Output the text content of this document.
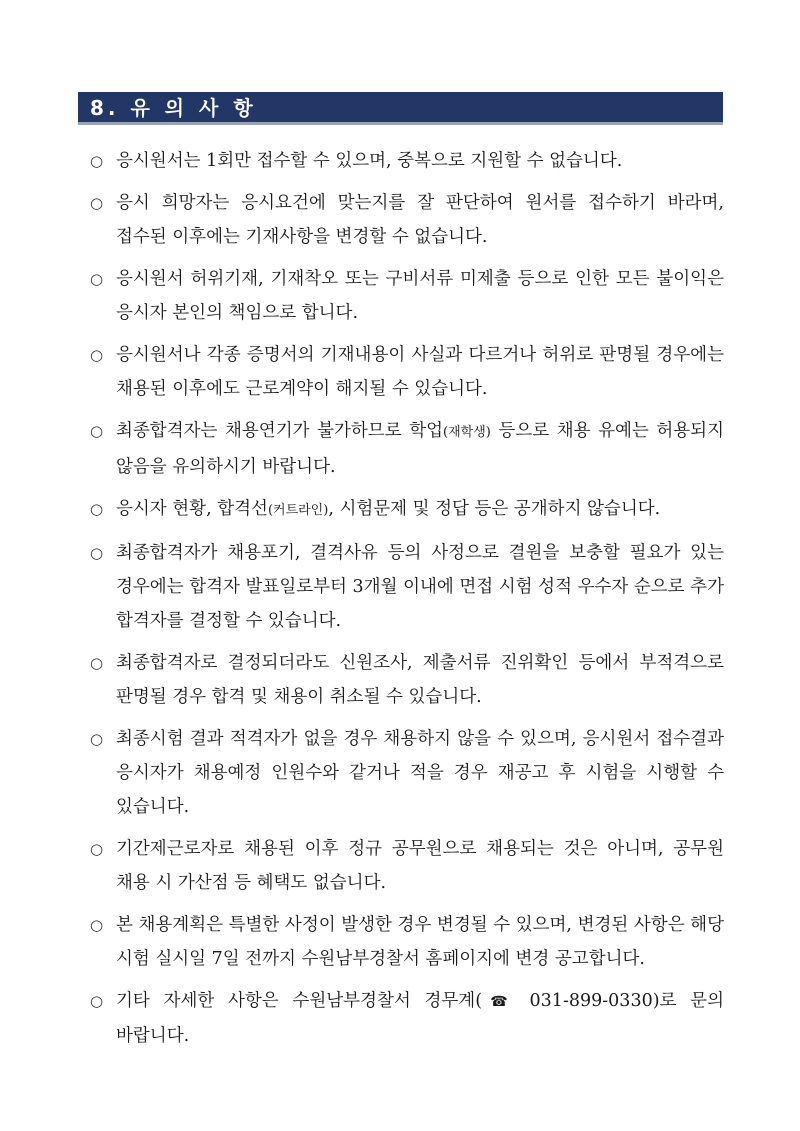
8. 유 의 사 항
○ 응시원서는 1회만 접수할 수 있으며, 중복으로 지원할 수 없습니다.
○ 응시 희망자는 응시요건에 맞는지를 잘 판단하여 원서를 접수하기 바라며, 접수된 이후에는 기재사항을 변경할 수 없습니다.
○ 응시원서 허위기재, 기재착오 또는 구비서류 미제출 등으로 인한 모든 불이익은 응시자 본인의 책임으로 합니다.
○ 응시원서나 각종 증명서의 기재내용이 사실과 다르거나 허위로 판명될 경우에는 채용된 이후에도 근로계약이 해지될 수 있습니다.
○ 최종합격자는 채용연기가 불가하므로 학업(재학생) 등으로 채용 유예는 허용되지 않음을 유의하시기 바랍니다.
○ 응시자 현황, 합격선(커트라인), 시험문제 및 정답 등은 공개하지 않습니다.
○ 최종합격자가 채용포기, 결격사유 등의 사정으로 결원을 보충할 필요가 있는 경우에는 합격자 발표일로부터 3개월 이내에 면접 시험 성적 우수자 순으로 추가 합격자를 결정할 수 있습니다.
○ 최종합격자로 결정되더라도 신원조사, 제출서류 진위확인 등에서 부적격으로 판명될 경우 합격 및 채용이 취소될 수 있습니다.
○ 최종시험 결과 적격자가 없을 경우 채용하지 않을 수 있으며, 응시원서 접수결과 응시자가 채용예정 인원수와 같거나 적을 경우 재공고 후 시험을 시행할 수 있습니다.
○ 기간제근로자로 채용된 이후 정규 공무원으로 채용되는 것은 아니며, 공무원 채용 시 가산점 등 혜택도 없습니다.
○ 본 채용계획은 특별한 사정이 발생한 경우 변경될 수 있으며, 변경된 사항은 해당 시험 실시일 7일 전까지 수원남부경찰서 홈페이지에 변경 공고합니다.
○ 기타 자세한 사항은 수원남부경찰서 경무계(☎ 031-899-0330)로 문의 바랍니다.
